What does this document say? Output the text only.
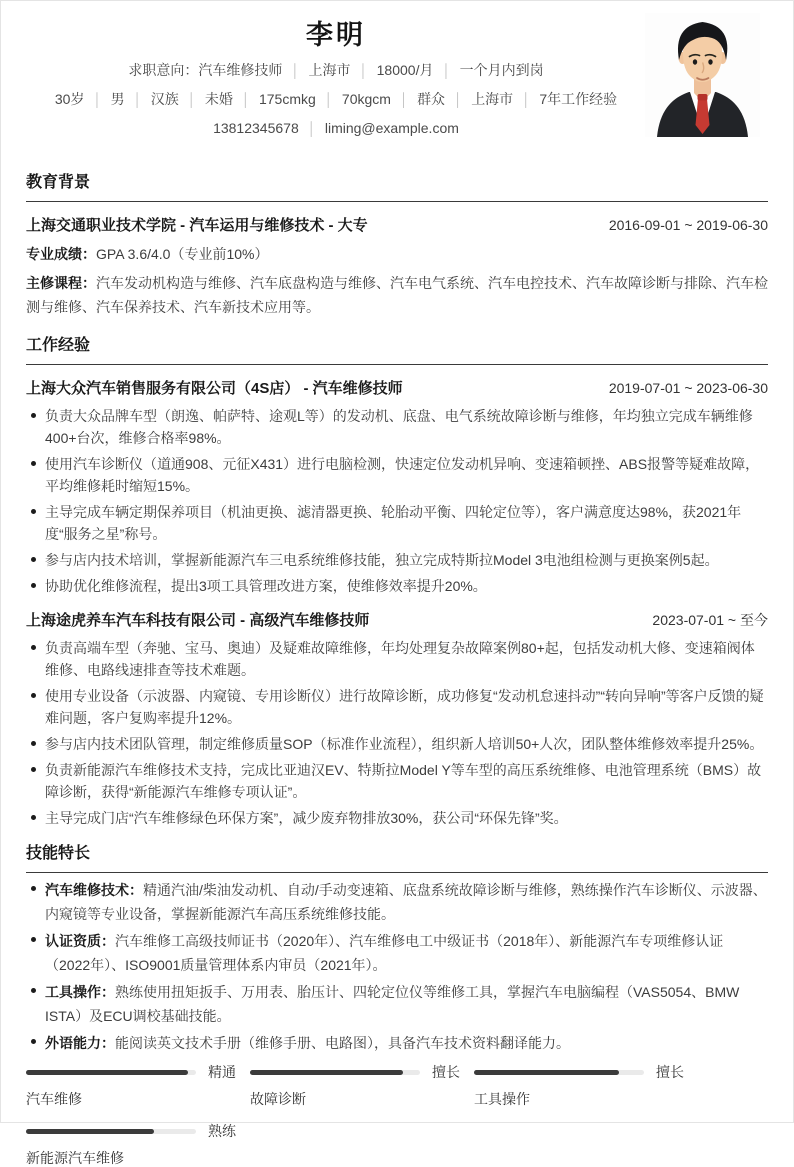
李明
求职意向：汽车维修技师 │ 上海市 │ 18000/月 │ 一个月内到岗
30岁 │ 男 │ 汉族 │ 未婚 │ 175cmkg │ 70kgcm │ 群众 │ 上海市 │ 7年工作经验
13812345678 │ liming@example.com
教育背景
上海交通职业技术学院 - 汽车运用与维修技术 - 大专	2016-09-01 ~ 2019-06-30
专业成绩：GPA 3.6/4.0（专业前10%）
主修课程：汽车发动机构造与维修、汽车底盘构造与维修、汽车电气系统、汽车电控技术、汽车故障诊断与排除、汽车检测与维修、汽车保养技术、汽车新技术应用等。
工作经验
上海大众汽车销售服务有限公司（4S店） - 汽车维修技师	2019-07-01 ~ 2023-06-30
负责大众品牌车型（朗逸、帕萨特、途观L等）的发动机、底盘、电气系统故障诊断与维修，年均独立完成车辆维修400+台次，维修合格率98%。
使用汽车诊断仪（道通908、元征X431）进行电脑检测，快速定位发动机异响、变速箱顿挫、ABS报警等疑难故障，平均维修耗时缩短15%。
主导完成车辆定期保养项目（机油更换、滤清器更换、轮胎动平衡、四轮定位等），客户满意度达98%，获2021年度“服务之星”称号。
参与店内技术培训，掌握新能源汽车三电系统维修技能，独立完成特斯拉Model 3电池组检测与更换案例5起。
协助优化维修流程，提出3项工具管理改进方案，使维修效率提升20%。
上海途虎养车汽车科技有限公司 - 高级汽车维修技师	2023-07-01 ~ 至今
负责高端车型（奔驰、宝马、奥迪）及疑难故障维修，年均处理复杂故障案例80+起，包括发动机大修、变速箱阀体维修、电路线速排查等技术难题。
使用专业设备（示波器、内窥镜、专用诊断仪）进行故障诊断，成功修复“发动机怠速抖动”“转向异响”等客户反馈的疑难问题，客户复购率提升12%。
参与店内技术团队管理，制定维修质量SOP（标准作业流程），组织新人培训50+人次，团队整体维修效率提升25%。
负责新能源汽车维修技术支持，完成比亚迪汉EV、特斯拉Model Y等车型的高压系统维修、电池管理系统（BMS）故障诊断，获得“新能源汽车维修专项认证”。
主导完成门店“汽车维修绿色环保方案”，减少废弃物排放30%，获公司“环保先锋”奖。
技能特长
汽车维修技术：精通汽油/柴油发动机、自动/手动变速箱、底盘系统故障诊断与维修，熟练操作汽车诊断仪、示波器、内窥镜等专业设备，掌握新能源汽车高压系统维修技能。
认证资质：汽车维修工高级技师证书（2020年）、汽车维修电工中级证书（2018年）、新能源汽车专项维修认证（2022年）、ISO9001质量管理体系内审员（2021年）。
工具操作：熟练使用扭矩扳手、万用表、胎压计、四轮定位仪等维修工具，掌握汽车电脑编程（VAS5054、BMW ISTA）及ECU调校基础技能。
外语能力：能阅读英文技术手册（维修手册、电路图），具备汽车技术资料翻译能力。
精通
汽车维修
擅长
故障诊断
擅长
工具操作
熟练
新能源汽车维修
